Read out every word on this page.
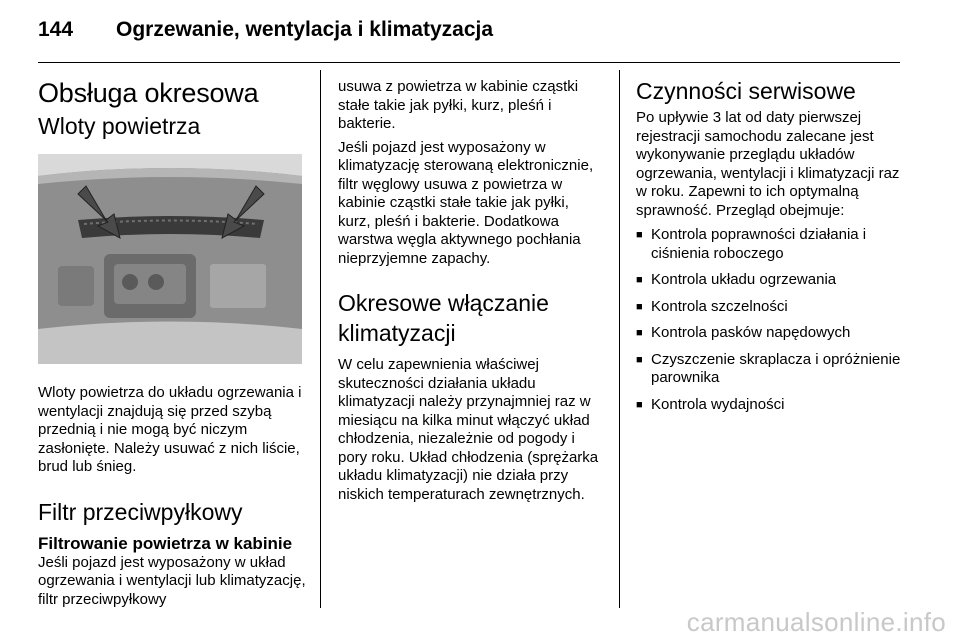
144 Ogrzewanie, wentylacja i klimatyzacja
Obsługa okresowa
Wloty powietrza

Wloty powietrza do układu ogrzewania i wentylacji znajdują się przed szybą przednią i nie mogą być niczym zasłonięte. Należy usuwać z nich liście, brud lub śnieg.

Filtr przeciwpyłkowy
Filtrowanie powietrza w kabinie

Jeśli pojazd jest wyposażony w układ ogrzewania i wentylacji lub klimatyzację, filtr przeciwpyłkowy

usuwa z powietrza w kabinie cząstki stałe takie jak pyłki, kurz, pleśń i bakterie.

Jeśli pojazd jest wyposażony w klimatyzację sterowaną elektronicznie, filtr węglowy usuwa z powietrza w kabinie cząstki stałe takie jak pyłki, kurz, pleśń i bakterie. Dodatkowa warstwa węgla aktywnego pochłania nieprzyjemne zapachy.

Okresowe włączanie klimatyzacji

W celu zapewnienia właściwej skuteczności działania układu klimatyzacji należy przynajmniej raz w miesiącu na kilka minut włączyć układ chłodzenia, niezależnie od pogody i pory roku. Układ chłodzenia (sprężarka układu klimatyzacji) nie działa przy niskich temperaturach zewnętrznych.

Czynności serwisowe

Po upływie 3 lat od daty pierwszej rejestracji samochodu zalecane jest wykonywanie przeglądu układów ogrzewania, wentylacji i klimatyzacji raz w roku. Zapewni to ich optymalną sprawność. Przegląd obejmuje:

■ Kontrola poprawności działania i ciśnienia roboczego
■ Kontrola układu ogrzewania
■ Kontrola szczelności
■ Kontrola pasków napędowych
■ Czyszczenie skraplacza i opróżnienie parownika
■ Kontrola wydajności
carmanualsonline.info
